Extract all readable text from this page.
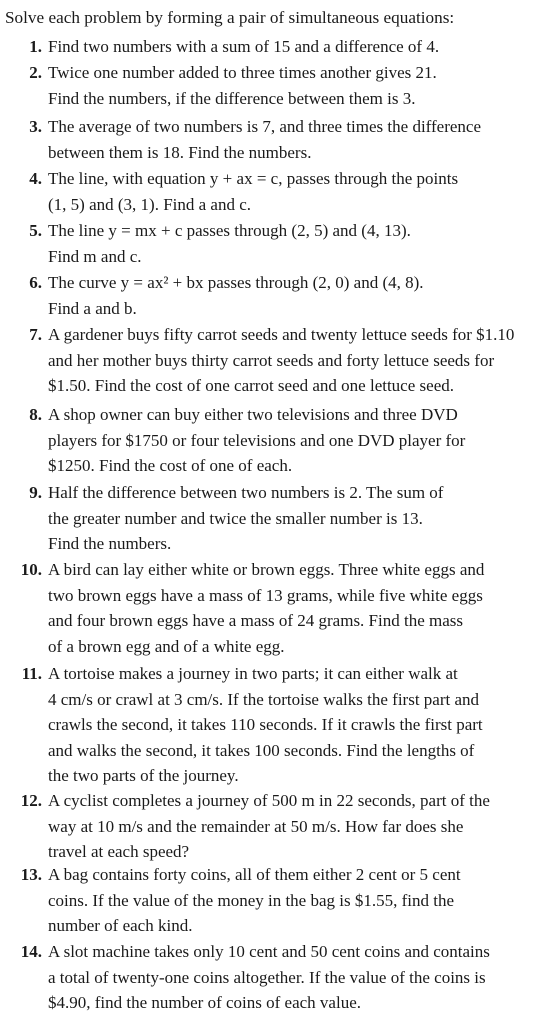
Solve each problem by forming a pair of simultaneous equations:
1. Find two numbers with a sum of 15 and a difference of 4.
2. Twice one number added to three times another gives 21.
Find the numbers, if the difference between them is 3.
3. The average of two numbers is 7, and three times the difference
between them is 18. Find the numbers.
4. The line, with equation y + ax = c, passes through the points
(1, 5) and (3, 1). Find a and c.
5. The line y = mx + c passes through (2, 5) and (4, 13).
Find m and c.
6. The curve y = ax² + bx passes through (2, 0) and (4, 8).
Find a and b.
7. A gardener buys fifty carrot seeds and twenty lettuce seeds for $1.10
and her mother buys thirty carrot seeds and forty lettuce seeds for
$1.50. Find the cost of one carrot seed and one lettuce seed.
8. A shop owner can buy either two televisions and three DVD
players for $1750 or four televisions and one DVD player for
$1250. Find the cost of one of each.
9. Half the difference between two numbers is 2. The sum of
the greater number and twice the smaller number is 13.
Find the numbers.
10. A bird can lay either white or brown eggs. Three white eggs and
two brown eggs have a mass of 13 grams, while five white eggs
and four brown eggs have a mass of 24 grams. Find the mass
of a brown egg and of a white egg.
11. A tortoise makes a journey in two parts; it can either walk at
4 cm/s or crawl at 3 cm/s. If the tortoise walks the first part and
crawls the second, it takes 110 seconds. If it crawls the first part
and walks the second, it takes 100 seconds. Find the lengths of
the two parts of the journey.
12. A cyclist completes a journey of 500 m in 22 seconds, part of the
way at 10 m/s and the remainder at 50 m/s. How far does she
travel at each speed?
13. A bag contains forty coins, all of them either 2 cent or 5 cent
coins. If the value of the money in the bag is $1.55, find the
number of each kind.
14. A slot machine takes only 10 cent and 50 cent coins and contains
a total of twenty-one coins altogether. If the value of the coins is
$4.90, find the number of coins of each value.
